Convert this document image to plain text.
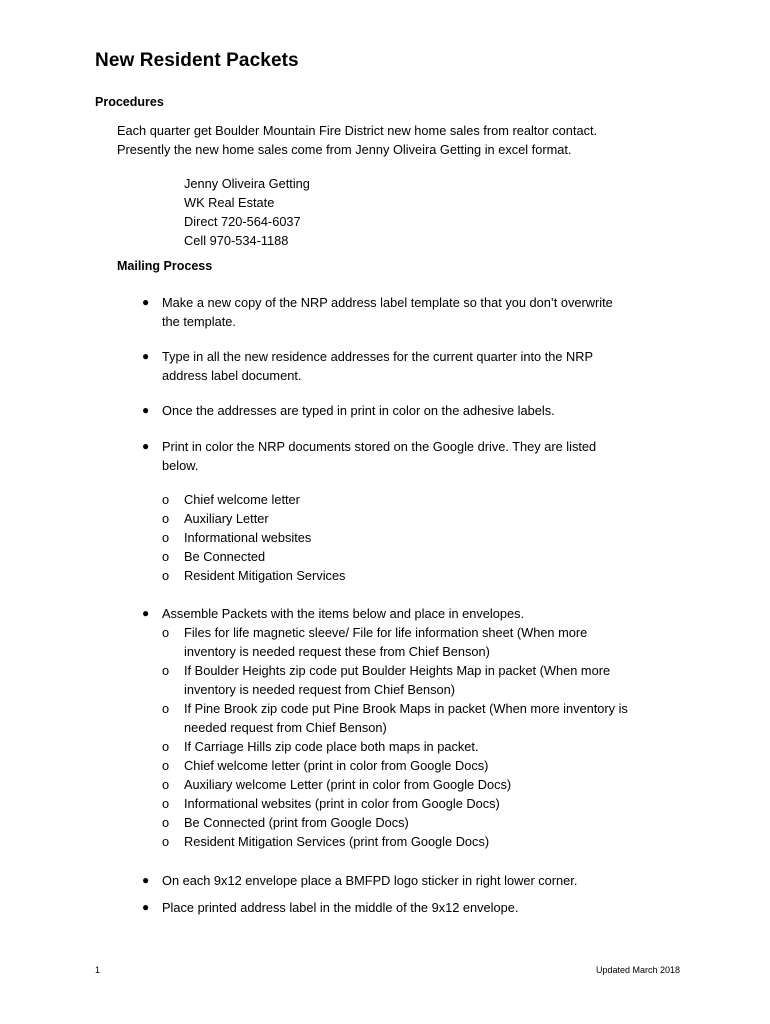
New Resident Packets
Procedures
Each quarter get Boulder Mountain Fire District new home sales from realtor contact.
Presently the new home sales come from Jenny Oliveira Getting in excel format.
Jenny Oliveira Getting
WK Real Estate
Direct 720-564-6037
Cell 970-534-1188
Mailing Process
● Make a new copy of the NRP address label template so that you don’t overwrite
the template.
● Type in all the new residence addresses for the current quarter into the NRP
address label document.
● Once the addresses are typed in print in color on the adhesive labels.
● Print in color the NRP documents stored on the Google drive. They are listed
below.
o Chief welcome letter
o Auxiliary Letter
o Informational websites
o Be Connected
o Resident Mitigation Services
● Assemble Packets with the items below and place in envelopes.
o Files for life magnetic sleeve/ File for life information sheet (When more
inventory is needed request these from Chief Benson)
o If Boulder Heights zip code put Boulder Heights Map in packet (When more
inventory is needed request from Chief Benson)
o If Pine Brook zip code put Pine Brook Maps in packet (When more inventory is
needed request from Chief Benson)
o If Carriage Hills zip code place both maps in packet.
o Chief welcome letter (print in color from Google Docs)
o Auxiliary welcome Letter (print in color from Google Docs)
o Informational websites (print in color from Google Docs)
o Be Connected (print from Google Docs)
o Resident Mitigation Services (print from Google Docs)
● On each 9x12 envelope place a BMFPD logo sticker in right lower corner.
● Place printed address label in the middle of the 9x12 envelope.
1	Updated March 2018
